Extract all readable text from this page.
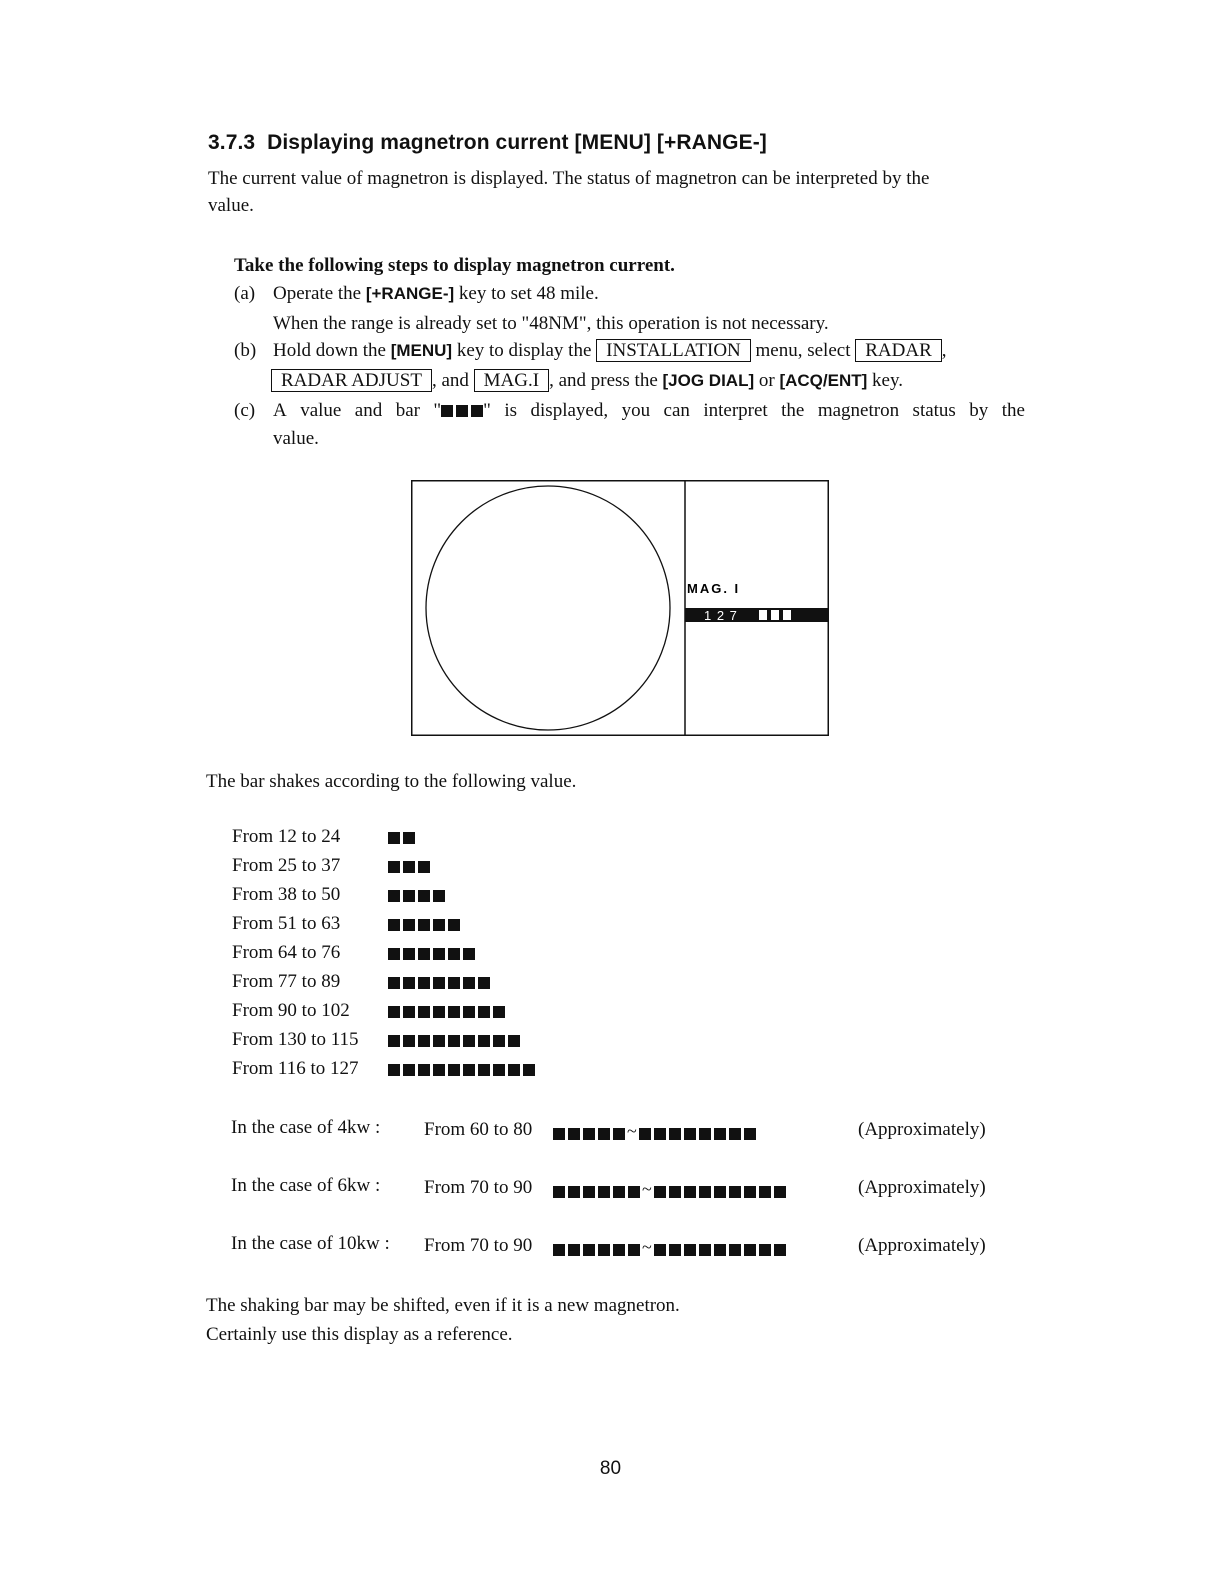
3.7.3 Displaying magnetron current [MENU] [+RANGE-]
The current value of magnetron is displayed. The status of magnetron can be interpreted by the
value.
Take the following steps to display magnetron current.
(a) Operate the [+RANGE-] key to set 48 mile.
When the range is already set to "48NM", this operation is not necessary.
(b) Hold down the [MENU] key to display the INSTALLATION menu, select RADAR ,
RADAR ADJUST , and MAG.I , and press the [JOG DIAL] or [ACQ/ENT] key.
(c) A value and bar " " is displayed, you can interpret the magnetron status by the
value.
MAG. I
1 2 7
The bar shakes according to the following value.
From 12 to 24
From 25 to 37
From 38 to 50
From 51 to 63
From 64 to 76
From 77 to 89
From 90 to 102
From 130 to 115
From 116 to 127
In the case of 4kw : From 60 to 80	~	(Approximately)
In the case of 6kw : From 70 to 90	~	(Approximately)
In the case of 10kw : From 70 to 90	~	(Approximately)
The shaking bar may be shifted, even if it is a new magnetron.
Certainly use this display as a reference.
80
